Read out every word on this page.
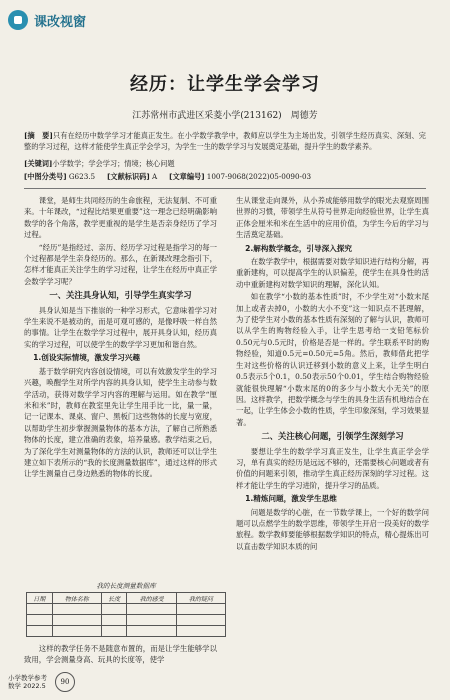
课改视窗
经历：让学生学会学习
江苏常州市武进区采菱小学(213162)　周德芳
[摘　要]只有在经历中数学学习才能真正发生。在小学数学教学中，教师应以学生为主场出发，引领学生经历真实、深刻、完整的学习过程，这样才能使学生真正学会学习，为学生一生的数学学习与发展奠定基础，提升学生的数学素养。
[关键词]小学数学；学会学习；情境；核心问题
[中图分类号] G623.5 [文献标识码] A [文章编号] 1007-9068(2022)05-0090-03

课堂，是师生共同经历的生命旅程，无法复制、不可重来。十年课改，“过程比结果更重要”这一理念已经明确影响数学的各个角落，教学更重视的是学生是否亲身经历了学习过程。

“经历”是指经过、亲历、经历学习过程是指学习的每一个过程都是学生亲身经历的。那么，在新课改理念指引下，怎样才能真正关注学生的学习过程，让学生在经历中真正学会数学学习呢？

一、关注具身认知，引导学生真实学习

具身认知是当下推崇的一种学习形式，它意味着学习对学生来说不是被动的，而是可观可感的，是像呼吸一样自然的事情。让学生在数学学习过程中，展开具身认知，经历真实的学习过程，可以使学生的数学学习更加和谐自然。

1.创设实际情境，激发学习兴趣

基于数学研究内容创设情境，可以有效激发学生的学习兴趣，唤醒学生对所学内容的具身认知，使学生主动参与数学活动，获得对数学学习内容的理解与运用。如在教学“厘米和米”时，教师在教室里先让学生用手比一比，量一量，记一记课本、课桌、窗户、黑板门这些物体的长度与宽度，以帮助学生初步掌握测量物体的基本方法，了解自己所熟悉物体的长度，建立准确的表象，培养量感。教学结束之后，为了深化学生对测量物体的方法的认识，教师还可以让学生建立如下表所示的“我的长度测量数据库”，通过这样的形式让学生测量自己身边熟悉的物体的长度。

我的长度测量数据库
日期	物体名称	长度	我的感受	我的疑问

这样的教学任务不是随意布置的，而是让学生能够学以致用，学会测量身高、玩具的长度等，使学

生从课堂走向课外，从小养成能够用数学的眼光去观察周围世界的习惯，带领学生从符号世界走向经验世界，让学生真正体会厘米和米在生活中的应用价值，为学生今后的学习与生活奠定基础。

2.解构数学概念，引导深入探究

在数学教学中，根据需要对数学知识进行结构分解，再重新建构，可以提高学生的认识偏差，使学生在具身性的活动中重新建构对数学知识的理解，深化认知。

如在教学“小数的基本性质”时，不少学生对“小数末尾加上或者去掉0，小数的大小不变”这一知识点不甚理解，为了使学生对小数的基本性质有深刻的了解与认识，教师可以从学生的购物经验入手，让学生思考给一支铅笔标价0.50元与0.5元时，价格是否是一样的。学生联系平时的购物经验，知道0.5元=0.50元=5角。然后，教师借此把学生对这些价格的认识迁移到小数的意义上来，让学生明白0.5表示5个0.1，0.50表示50个0.01，学生结合购物经验就能很快理解“小数末尾的0的多少与小数大小无关”的原因。这样教学，把数学概念与学生的具身生活有机地结合在一起，让学生体会小数的性质，学生印象深刻，学习效果显著。

二、关注核心问题，引领学生深刻学习

要想让学生的数学学习真正发生，让学生真正学会学习，单有真实的经历是远远不够的，还需要核心问题或者有价值的问题来引领，推动学生真正经历深刻的学习过程。这样才能让学生的学习进阶，提升学习的品质。

1.精炼问题，激发学生思维

问题是数学的心脏，在一节数学课上，一个好的数学问题可以点燃学生的数学思维，带领学生开启一段美好的数学旅程。数学教师要能够根据数学知识的特点，精心提炼出可以直击数学知识本质的问

小学教学参考
数学 2022.5	90
